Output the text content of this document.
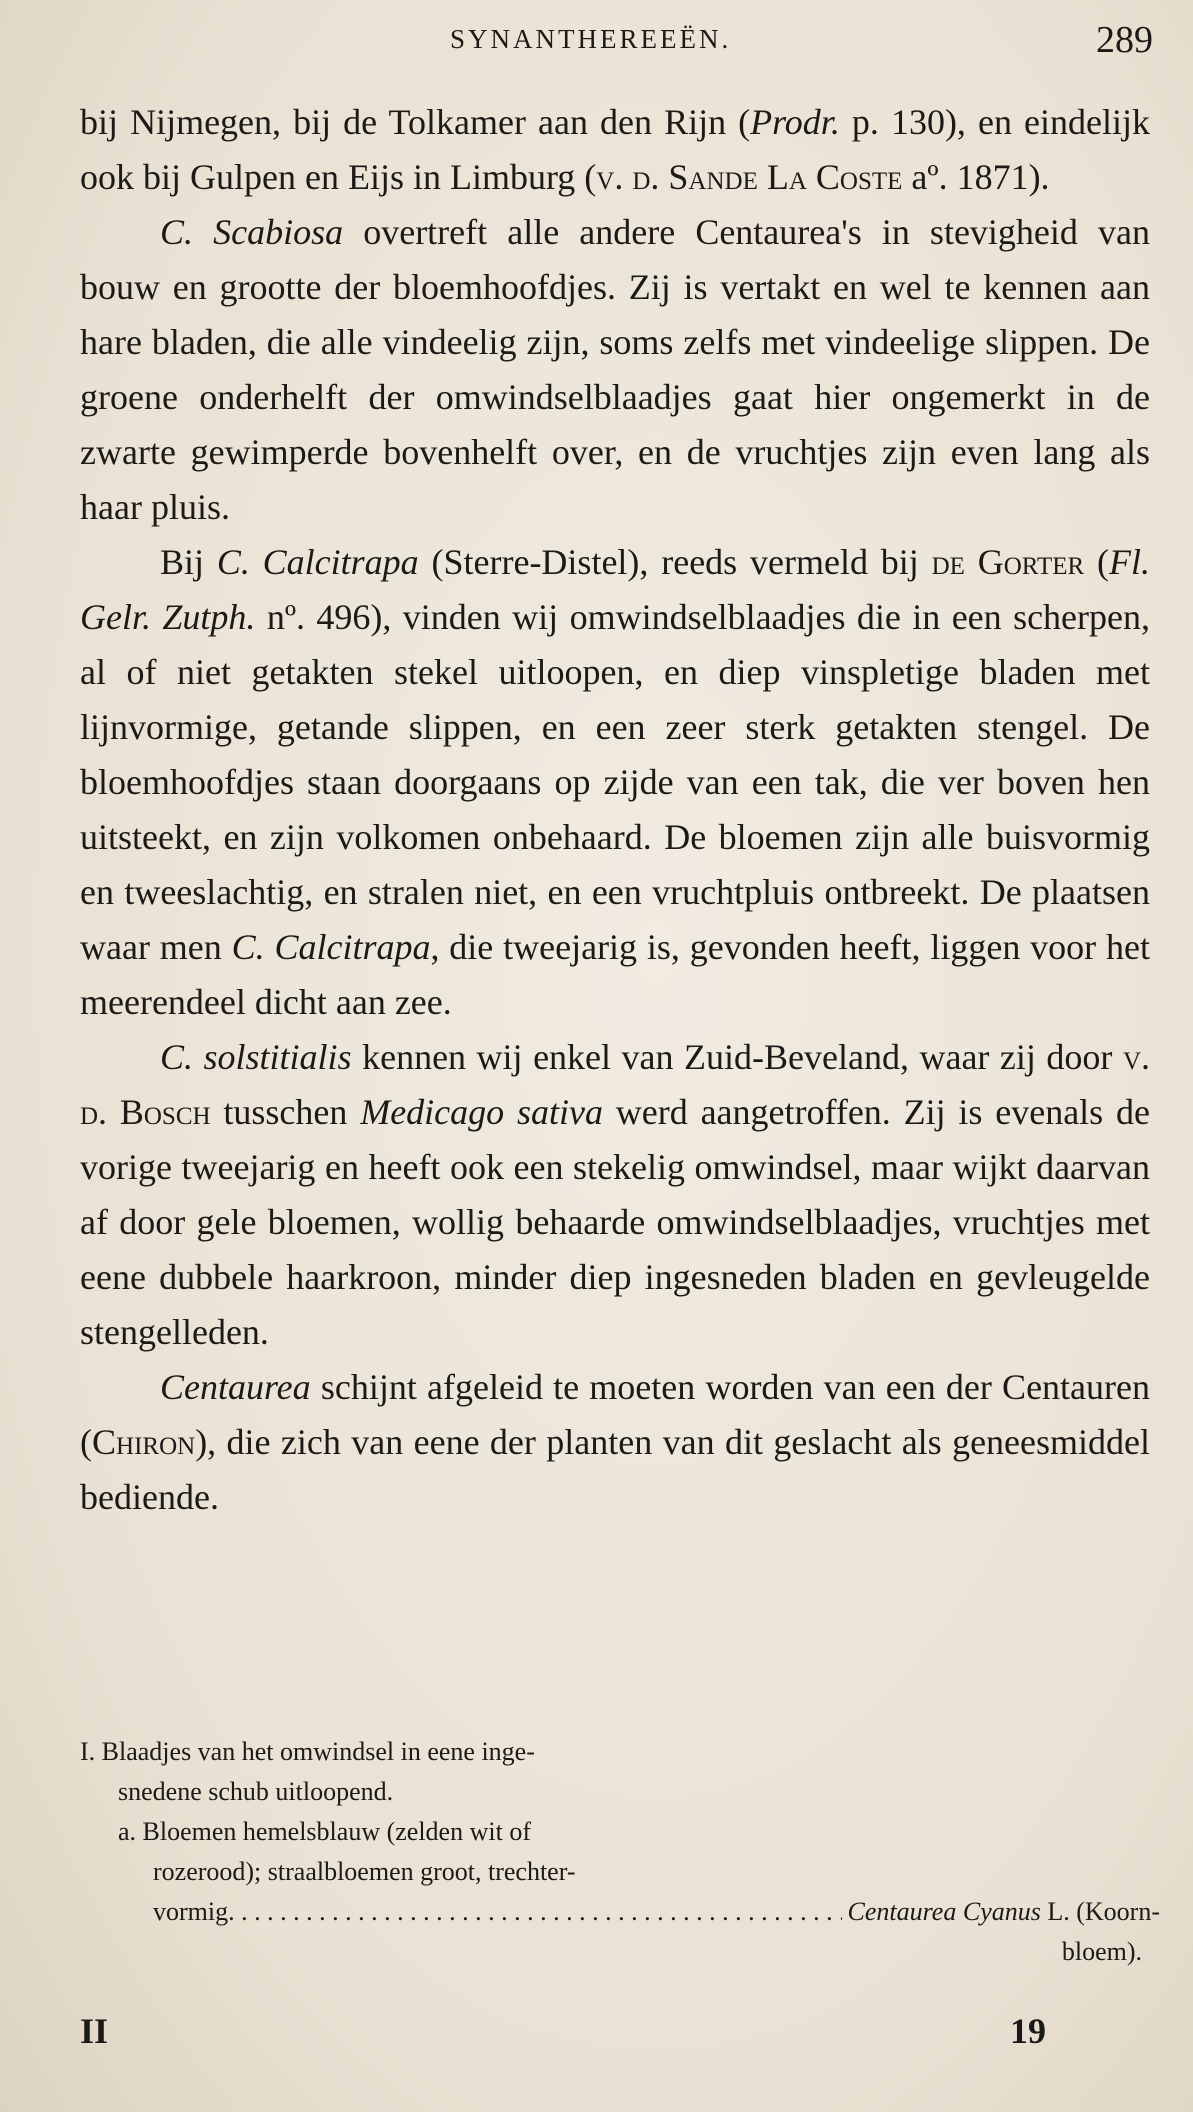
SYNANTHEREEËN.	289

bij Nijmegen, bij de Tolkamer aan den Rijn (Prodr. p. 130), en eindelijk ook bij Gulpen en Eijs in Limburg (v. d. Sande La Coste aº. 1871).

C. Scabiosa overtreft alle andere Centaurea's in stevigheid van bouw en grootte der bloemhoofdjes. Zij is vertakt en wel te kennen aan hare bladen, die alle vindeelig zijn, soms zelfs met vindeelige slippen. De groene onderhelft der omwindselblaadjes gaat hier ongemerkt in de zwarte gewimperde bovenhelft over, en de vruchtjes zijn even lang als haar pluis.

Bij C. Calcitrapa (Sterre-Distel), reeds vermeld bij de Gorter (Fl. Gelr. Zutph. nº. 496), vinden wij omwindselblaadjes die in een scherpen, al of niet getakten stekel uitloopen, en diep vinspletige bladen met lijnvormige, getande slippen, en een zeer sterk getakten stengel. De bloemhoofdjes staan doorgaans op zijde van een tak, die ver boven hen uitsteekt, en zijn volkomen onbehaard. De bloemen zijn alle buisvormig en tweeslachtig, en stralen niet, en een vruchtpluis ontbreekt. De plaatsen waar men C. Calcitrapa, die tweejarig is, gevonden heeft, liggen voor het meerendeel dicht aan zee.

C. solstitialis kennen wij enkel van Zuid-Beveland, waar zij door v. d. Bosch tusschen Medicago sativa werd aangetroffen. Zij is evenals de vorige tweejarig en heeft ook een stekelig omwindsel, maar wijkt daarvan af door gele bloemen, wollig behaarde omwindselblaadjes, vruchtjes met eene dubbele haarkroon, minder diep ingesneden bladen en gevleugelde stengelleden.

Centaurea schijnt afgeleid te moeten worden van een der Centauren (Chiron), die zich van eene der planten van dit geslacht als geneesmiddel bediende.

I. Blaadjes van het omwindsel in eene inge-

snedene schub uitloopend.

a. Bloemen hemelsblauw (zelden wit of

rozerood); straalbloemen groot, trechter-

vormig
. . .	Centaurea Cyanus L. (Koorn-

bloem).

II	19
